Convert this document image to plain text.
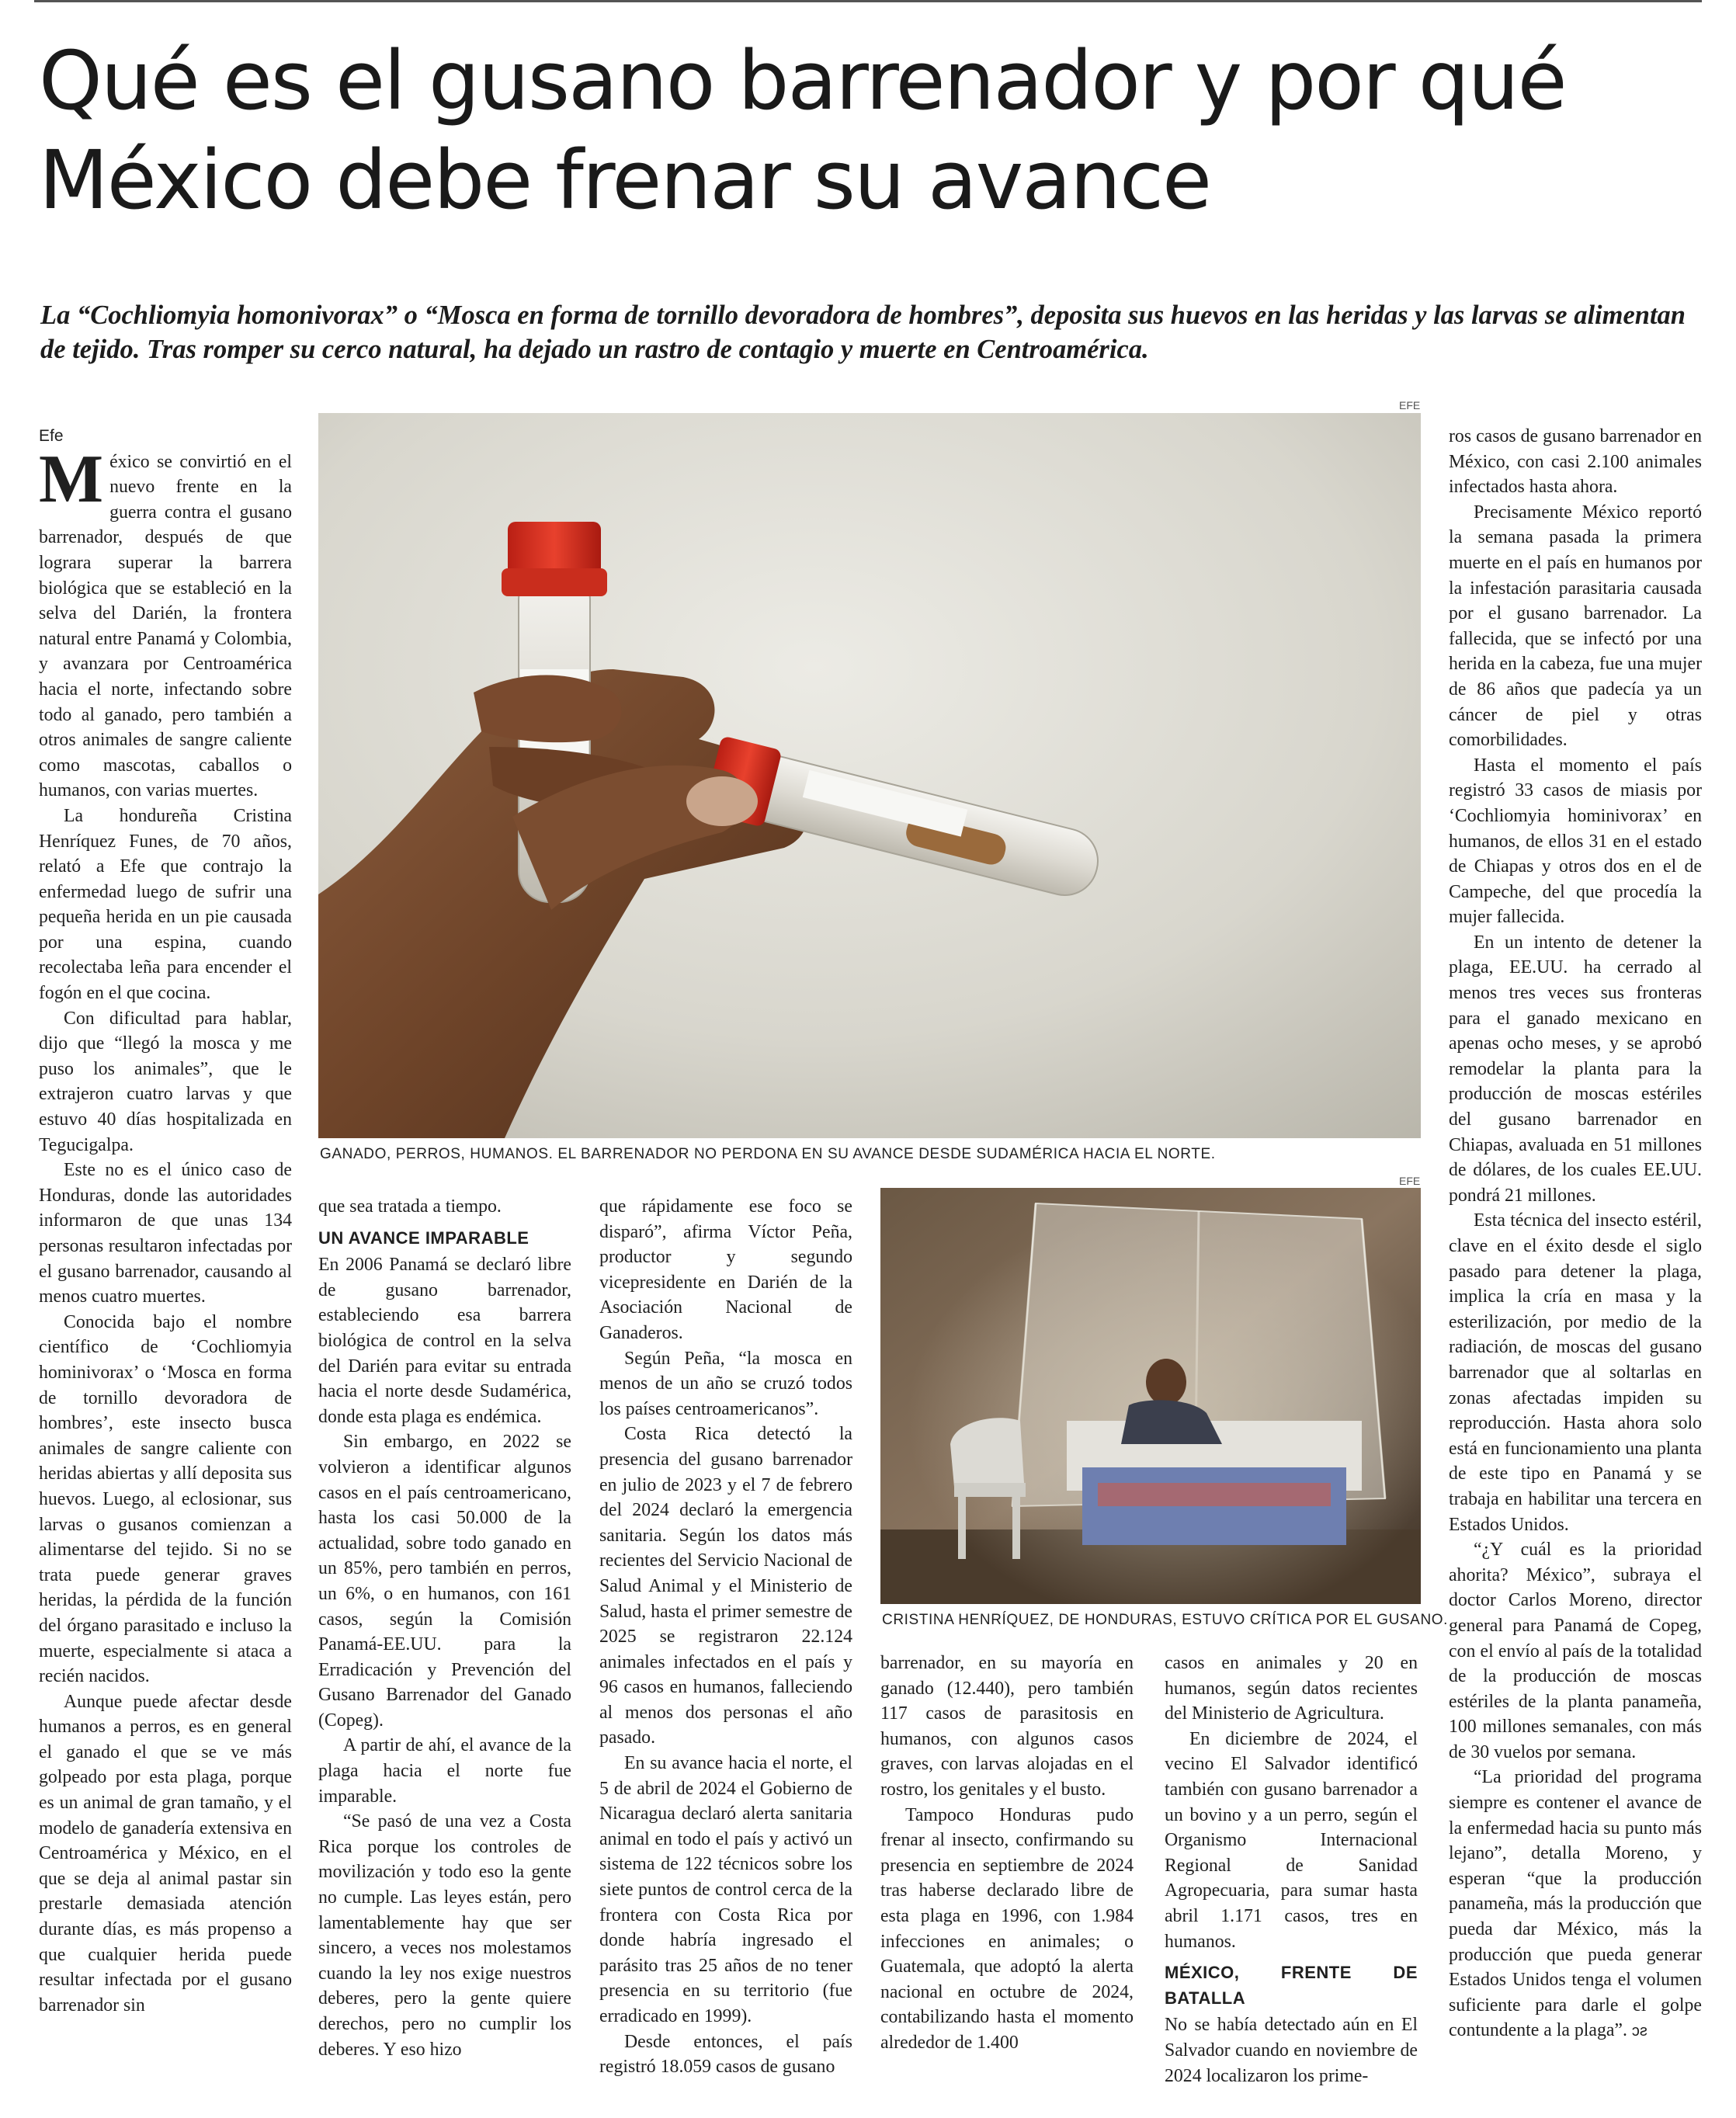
Qué es el gusano barrenador y por qué México debe frenar su avance

La “Cochliomyia homonivorax” o “Mosca en forma de tornillo devoradora de hombres”, deposita sus huevos en las heridas y las larvas se alimentan de tejido. Tras romper su cerco natural, ha dejado un rastro de contagio y muerte en Centroamérica.

EFE
GANADO, PERROS, HUMANOS. EL BARRENADOR NO PERDONA EN SU AVANCE DESDE SUDAMÉRICA HACIA EL NORTE.
EFE
CRISTINA HENRÍQUEZ, DE HONDURAS, ESTUVO CRÍTICA POR EL GUSANO.

Efe

México se convirtió en el nuevo frente en la guerra contra el gusano barrenador, después de que lograra superar la barrera biológica que se estableció en la selva del Darién, la frontera natural entre Panamá y Colombia, y avanzara por Centroamérica hacia el norte, infectando sobre todo al ganado, pero también a otros animales de sangre caliente como mascotas, caballos o humanos, con varias muertes.

La hondureña Cristina Henríquez Funes, de 70 años, relató a Efe que contrajo la enfermedad luego de sufrir una pequeña herida en un pie causada por una espina, cuando recolectaba leña para encender el fogón en el que cocina.

Con dificultad para hablar, dijo que “llegó la mosca y me puso los animales”, que le extrajeron cuatro larvas y que estuvo 40 días hospitalizada en Tegucigalpa.

Este no es el único caso de Honduras, donde las autoridades informaron de que unas 134 personas resultaron infectadas por el gusano barrenador, causando al menos cuatro muertes.

Conocida bajo el nombre científico de ‘Cochliomyia hominivorax’ o ‘Mosca en forma de tornillo devoradora de hombres’, este insecto busca animales de sangre caliente con heridas abiertas y allí deposita sus huevos. Luego, al eclosionar, sus larvas o gusanos comienzan a alimentarse del tejido. Si no se trata puede generar graves heridas, la pérdida de la función del órgano parasitado e incluso la muerte, especialmente si ataca a recién nacidos.

Aunque puede afectar desde humanos a perros, es en general el ganado el que se ve más golpeado por esta plaga, porque es un animal de gran tamaño, y el modelo de ganadería extensiva en Centroamérica y México, en el que se deja al animal pastar sin prestarle demasiada atención durante días, es más propenso a que cualquier herida puede resultar infectada por el gusano barrenador sin

que sea tratada a tiempo.

UN AVANCE IMPARABLE

En 2006 Panamá se declaró libre de gusano barrenador, estableciendo esa barrera biológica de control en la selva del Darién para evitar su entrada hacia el norte desde Sudamérica, donde esta plaga es endémica.

Sin embargo, en 2022 se volvieron a identificar algunos casos en el país centroamericano, hasta los casi 50.000 de la actualidad, sobre todo ganado en un 85%, pero también en perros, un 6%, o en humanos, con 161 casos, según la Comisión Panamá-EE.UU. para la Erradicación y Prevención del Gusano Barrenador del Ganado (Copeg).

A partir de ahí, el avance de la plaga hacia el norte fue imparable.

“Se pasó de una vez a Costa Rica porque los controles de movilización y todo eso la gente no cumple. Las leyes están, pero lamentablemente hay que ser sincero, a veces nos molestamos cuando la ley nos exige nuestros deberes, pero la gente quiere derechos, pero no cumplir los deberes. Y eso hizo

que rápidamente ese foco se disparó”, afirma Víctor Peña, productor y segundo vicepresidente en Darién de la Asociación Nacional de Ganaderos.

Según Peña, “la mosca en menos de un año se cruzó todos los países centroamericanos”.

Costa Rica detectó la presencia del gusano barrenador en julio de 2023 y el 7 de febrero del 2024 declaró la emergencia sanitaria. Según los datos más recientes del Servicio Nacional de Salud Animal y el Ministerio de Salud, hasta el primer semestre de 2025 se registraron 22.124 animales infectados en el país y 96 casos en humanos, falleciendo al menos dos personas el año pasado.

En su avance hacia el norte, el 5 de abril de 2024 el Gobierno de Nicaragua declaró alerta sanitaria animal en todo el país y activó un sistema de 122 técnicos sobre los siete puntos de control cerca de la frontera con Costa Rica por donde habría ingresado el parásito tras 25 años de no tener presencia en su territorio (fue erradicado en 1999).

Desde entonces, el país registró 18.059 casos de gusano

barrenador, en su mayoría en ganado (12.440), pero también 117 casos de parasitosis en humanos, con algunos casos graves, con larvas alojadas en el rostro, los genitales y el busto.

Tampoco Honduras pudo frenar al insecto, confirmando su presencia en septiembre de 2024 tras haberse declarado libre de esta plaga en 1996, con 1.984 infecciones en animales; o Guatemala, que adoptó la alerta nacional en octubre de 2024, contabilizando hasta el momento alrededor de 1.400

casos en animales y 20 en humanos, según datos recientes del Ministerio de Agricultura.

En diciembre de 2024, el vecino El Salvador identificó también con gusano barrenador a un bovino y a un perro, según el Organismo Internacional Regional de Sanidad Agropecuaria, para sumar hasta abril 1.171 casos, tres en humanos.

MÉXICO, FRENTE DE BATALLA

No se había detectado aún en El Salvador cuando en noviembre de 2024 localizaron los prime-

ros casos de gusano barrenador en México, con casi 2.100 animales infectados hasta ahora.

Precisamente México reportó la semana pasada la primera muerte en el país en humanos por la infestación parasitaria causada por el gusano barrenador. La fallecida, que se infectó por una herida en la cabeza, fue una mujer de 86 años que padecía ya un cáncer de piel y otras comorbilidades.

Hasta el momento el país registró 33 casos de miasis por ‘Cochliomyia hominivorax’ en humanos, de ellos 31 en el estado de Chiapas y otros dos en el de Campeche, del que procedía la mujer fallecida.

En un intento de detener la plaga, EE.UU. ha cerrado al menos tres veces sus fronteras para el ganado mexicano en apenas ocho meses, y se aprobó remodelar la planta para la producción de moscas estériles del gusano barrenador en Chiapas, avaluada en 51 millones de dólares, de los cuales EE.UU. pondrá 21 millones.

Esta técnica del insecto estéril, clave en el éxito desde el siglo pasado para detener la plaga, implica la cría en masa y la esterilización, por medio de la radiación, de moscas del gusano barrenador que al soltarlas en zonas afectadas impiden su reproducción. Hasta ahora solo está en funcionamiento una planta de este tipo en Panamá y se trabaja en habilitar una tercera en Estados Unidos.

“¿Y cuál es la prioridad ahorita? México”, subraya el doctor Carlos Moreno, director general para Panamá de Copeg, con el envío al país de la totalidad de la producción de moscas estériles de la planta panameña, 100 millones semanales, con más de 30 vuelos por semana.

“La prioridad del programa siempre es contener el avance de la enfermedad hacia su punto más lejano”, detalla Moreno, y esperan “que la producción panameña, más la producción que pueda dar México, más la producción que pueda generar Estados Unidos tenga el volumen suficiente para darle el golpe contundente a la plaga”. ↄƨ
